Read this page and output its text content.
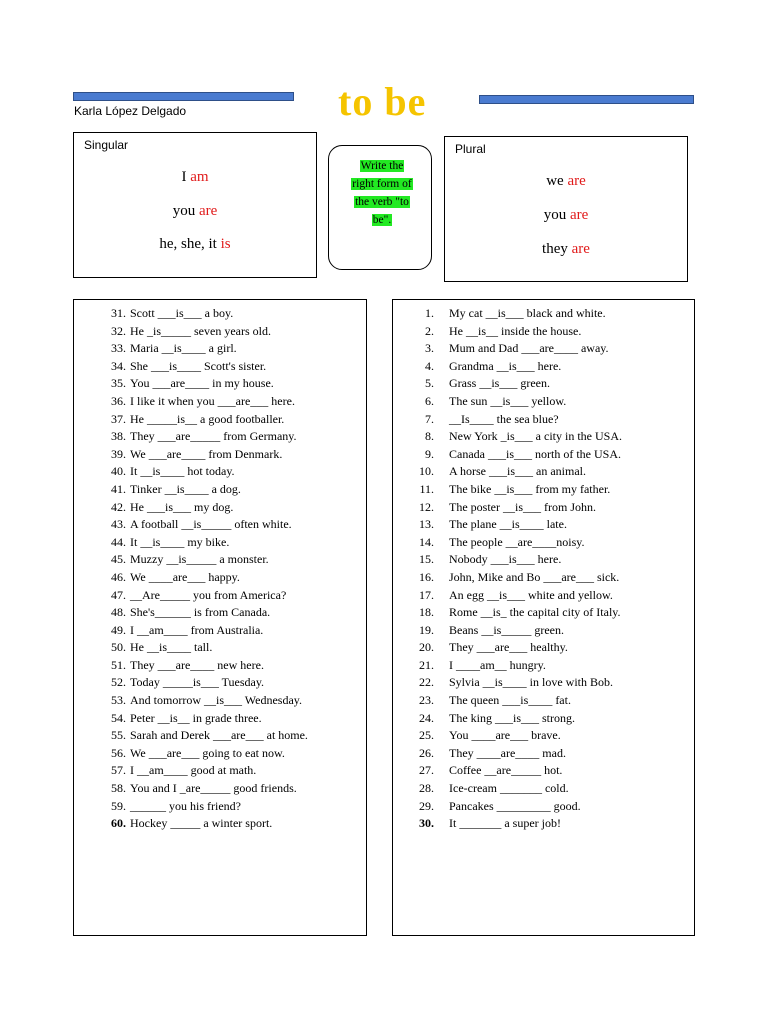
Karla López Delgado	to be
Singular
I am
you are
he, she, it is
Write the
right form of
the verb "to
be".
Plural
we are
you are
they are
31. Scott ___is___ a boy.
32. He _is_____ seven years old.
33. Maria __is____ a girl.
34. She ___is____ Scott's sister.
35. You ___are____ in my house.
36. I like it when you ___are___ here.
37. He _____is__ a good footballer.
38. They ___are_____ from Germany.
39. We ___are____ from Denmark.
40. It __is____ hot today.
41. Tinker __is____ a dog.
42. He ___is___ my dog.
43. A football __is_____ often white.
44. It __is____ my bike.
45. Muzzy __is_____ a monster.
46. We ____are___ happy.
47. __Are_____ you from America?
48. She's______ is from Canada.
49. I __am____ from Australia.
50. He __is____ tall.
51. They ___are____ new here.
52. Today _____is___ Tuesday.
53. And tomorrow __is___ Wednesday.
54. Peter __is__ in grade three.
55. Sarah and Derek ___are___ at home.
56. We ___are___ going to eat now.
57. I __am____ good at math.
58. You and I _are_____ good friends.
59. ______ you his friend?
60. Hockey _____ a winter sport.
1. My cat __is___ black and white.
2. He __is__ inside the house.
3. Mum and Dad ___are____ away.
4. Grandma __is___ here.
5. Grass __is___ green.
6. The sun __is___ yellow.
7. __Is____ the sea blue?
8. New York _is___ a city in the USA.
9. Canada ___is___ north of the USA.
10. A horse ___is___ an animal.
11. The bike __is___ from my father.
12. The poster __is___ from John.
13. The plane __is____ late.
14. The people __are____noisy.
15. Nobody ___is___ here.
16. John, Mike and Bo ___are___ sick.
17. An egg __is___ white and yellow.
18. Rome __is_ the capital city of Italy.
19. Beans __is_____ green.
20. They ___are___ healthy.
21. I ____am__ hungry.
22. Sylvia __is____ in love with Bob.
23. The queen ___is____ fat.
24. The king ___is___ strong.
25. You ____are___ brave.
26. They ____are____ mad.
27. Coffee __are_____ hot.
28. Ice-cream _______ cold.
29. Pancakes _________ good.
30. It _______ a super job!
